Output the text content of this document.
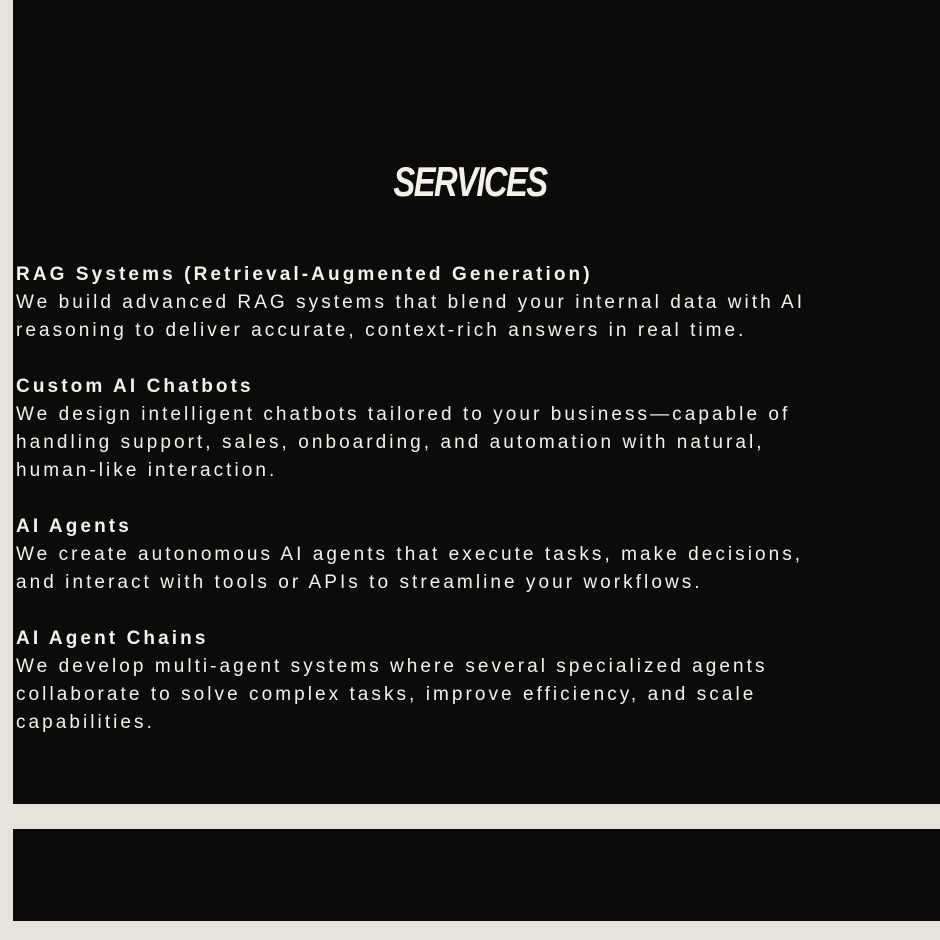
SERVICES
RAG Systems (Retrieval-Augmented Generation)

We build advanced RAG systems that blend your internal data with AI
reasoning to deliver accurate, context-rich answers in real time.

Custom AI Chatbots

We design intelligent chatbots tailored to your business—capable of
handling support, sales, onboarding, and automation with natural,
human-like interaction.

AI Agents

We create autonomous AI agents that execute tasks, make decisions,
and interact with tools or APIs to streamline your workflows.

AI Agent Chains

We develop multi-agent systems where several specialized agents
collaborate to solve complex tasks, improve efficiency, and scale
capabilities.
